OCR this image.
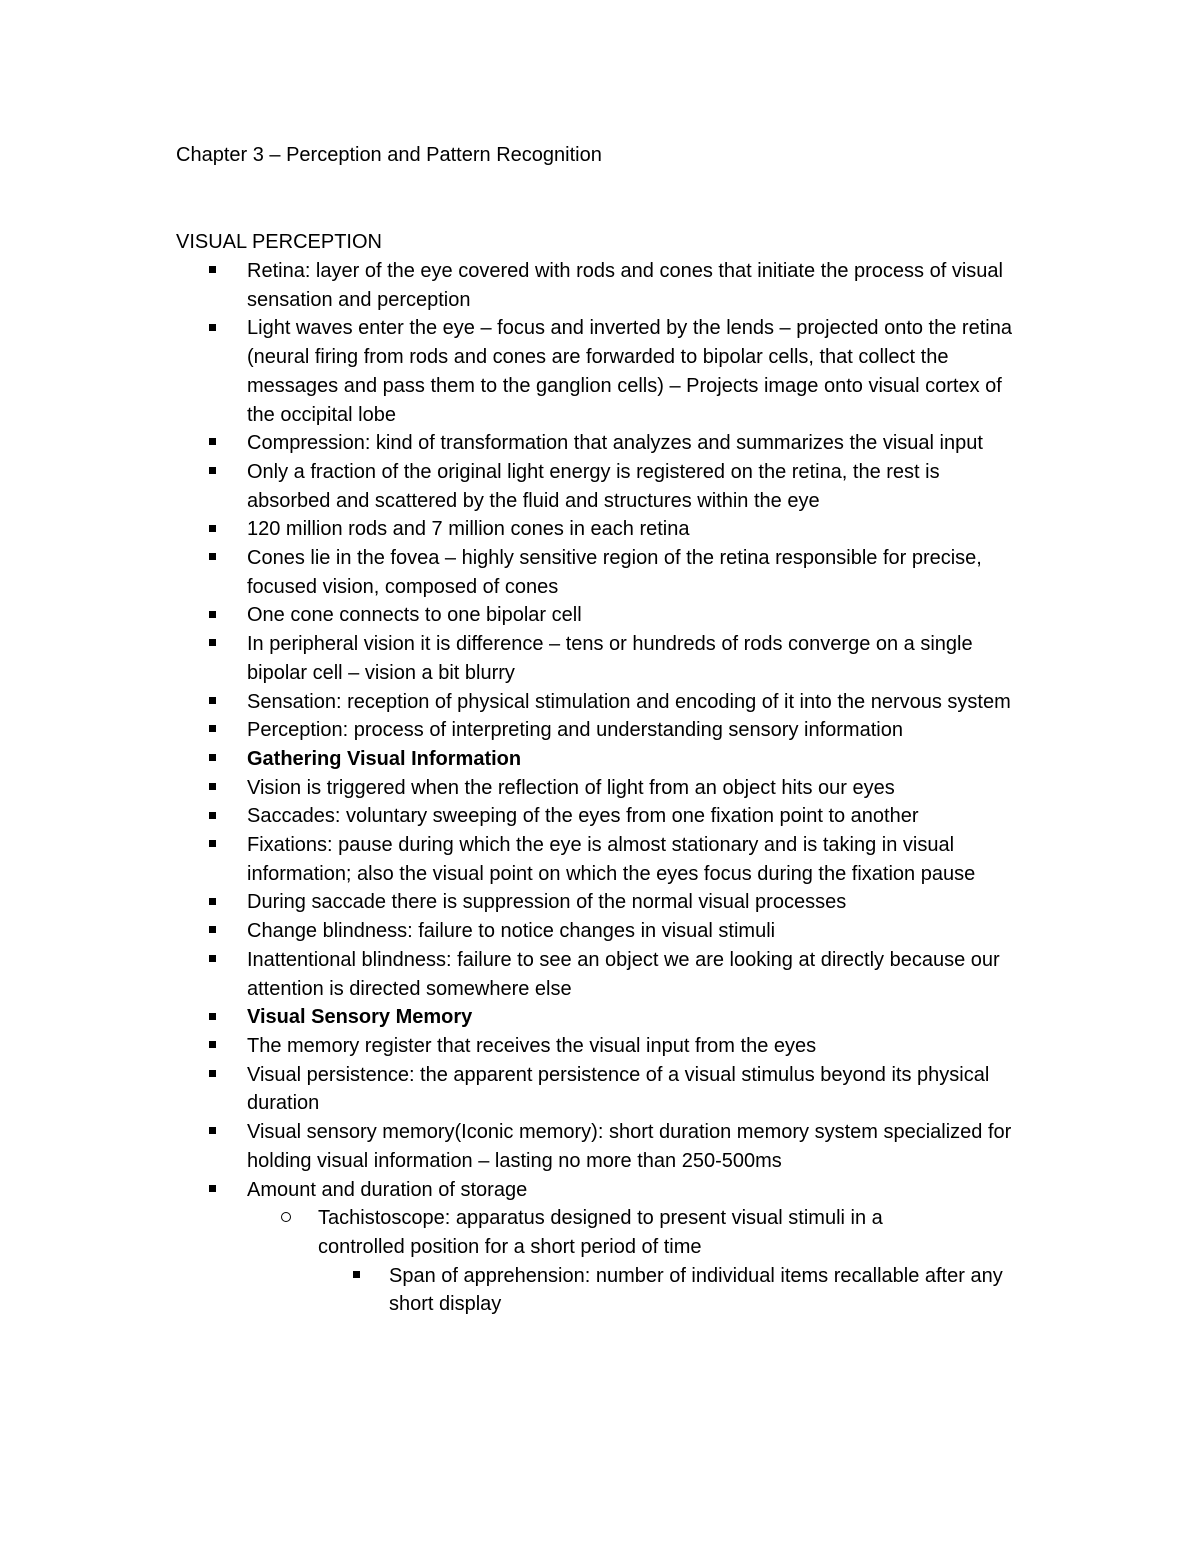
Chapter 3 – Perception and Pattern Recognition
VISUAL PERCEPTION
Retina: layer of the eye covered with rods and cones that initiate the process of visual sensation and perception
Light waves enter the eye – focus and inverted by the lends – projected onto the retina (neural firing from rods and cones are forwarded to bipolar cells, that collect the messages and pass them to the ganglion cells) – Projects image onto visual cortex of the occipital lobe
Compression: kind of transformation that analyzes and summarizes the visual input
Only a fraction of the original light energy is registered on the retina, the rest is absorbed and scattered by the fluid and structures within the eye
120 million rods and 7 million cones in each retina
Cones lie in the fovea – highly sensitive region of the retina responsible for precise, focused vision, composed of cones
One cone connects to one bipolar cell
In peripheral vision it is difference – tens or hundreds of rods converge on a single bipolar cell – vision a bit blurry
Sensation: reception of physical stimulation and encoding of it into the nervous system
Perception: process of interpreting and understanding sensory information
Gathering Visual Information
Vision is triggered when the reflection of light from an object hits our eyes
Saccades: voluntary sweeping of the eyes from one fixation point to another
Fixations: pause during which the eye is almost stationary and is taking in visual information; also the visual point on which the eyes focus during the fixation pause
During saccade there is suppression of the normal visual processes
Change blindness: failure to notice changes in visual stimuli
Inattentional blindness: failure to see an object we are looking at directly because our attention is directed somewhere else
Visual Sensory Memory
The memory register that receives the visual input from the eyes
Visual persistence: the apparent persistence of a visual stimulus beyond its physical duration
Visual sensory memory(Iconic memory): short duration memory system specialized for holding visual information – lasting no more than 250-500ms
Amount and duration of storage
Tachistoscope: apparatus designed to present visual stimuli in a controlled position for a short period of time
Span of apprehension: number of individual items recallable after any short display
